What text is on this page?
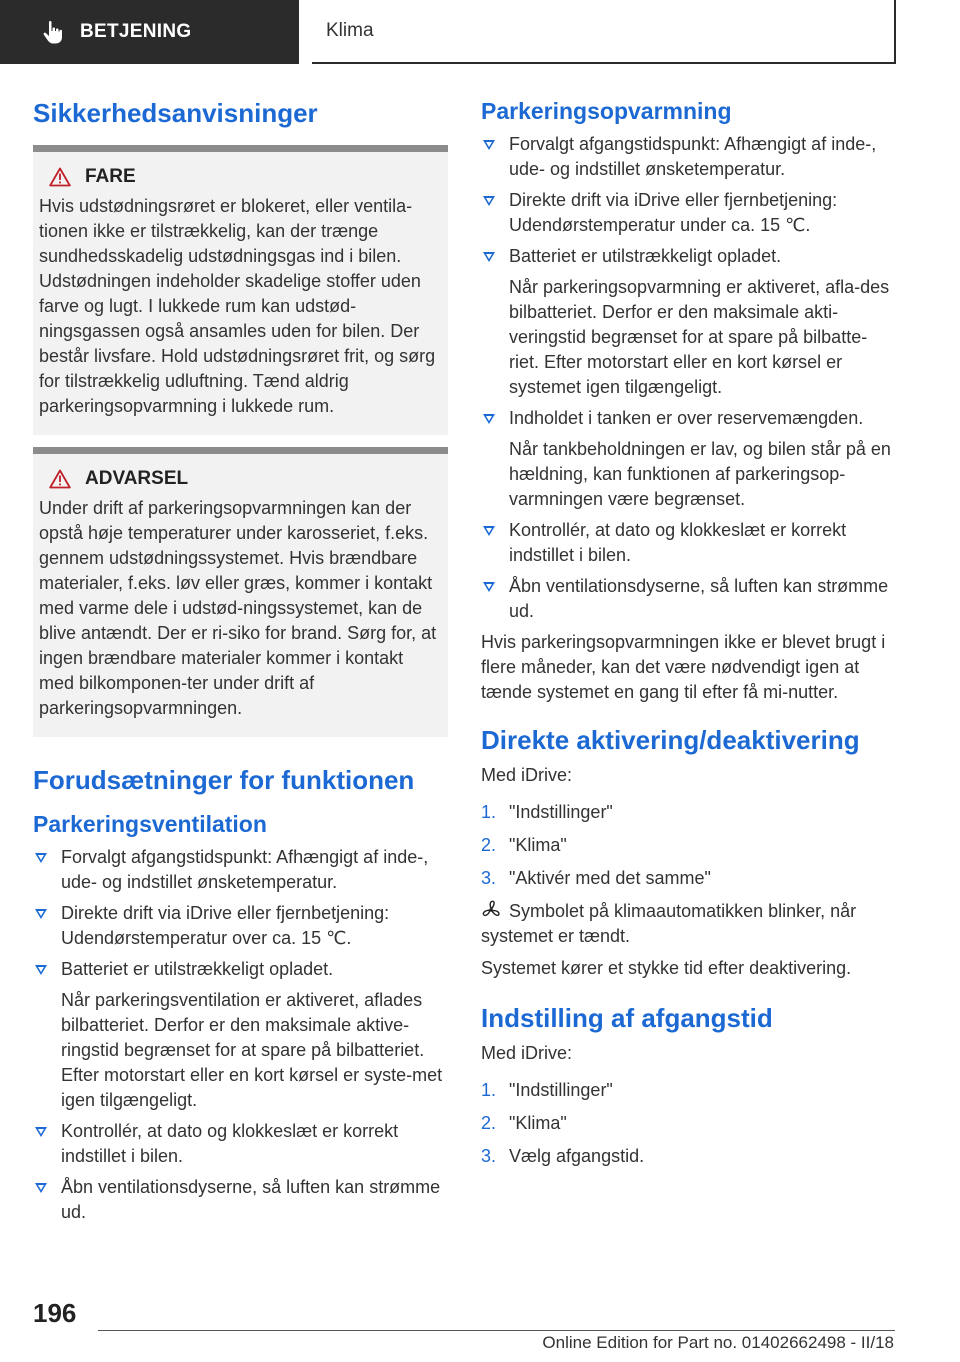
BETJENING	Klima
Sikkerhedsanvisninger
FARE

Hvis udstødningsrøret er blokeret, eller ventila-tionen ikke er tilstrækkelig, kan der trænge sundhedsskadelig udstødningsgas ind i bilen. Udstødningen indeholder skadelige stoffer uden farve og lugt. I lukkede rum kan udstød-ningsgassen også ansamles uden for bilen. Der består livsfare. Hold udstødningsrøret frit, og sørg for tilstrækkelig udluftning. Tænd aldrig parkeringsopvarmning i lukkede rum.

ADVARSEL

Under drift af parkeringsopvarmningen kan der opstå høje temperaturer under karosseriet, f.eks. gennem udstødningssystemet. Hvis brændbare materialer, f.eks. løv eller græs, kommer i kontakt med varme dele i udstød-ningssystemet, kan de blive antændt. Der er ri-siko for brand. Sørg for, at ingen brændbare materialer kommer i kontakt med bilkomponen-ter under drift af parkeringsopvarmningen.

Forudsætninger for funktionen
Parkeringsventilation
Forvalgt afgangstidspunkt: Afhængigt af inde-, ude- og indstillet ønsketemperatur.
Direkte drift via iDrive eller fjernbetjening: Udendørstemperatur over ca. 15 ℃.
Batteriet er utilstrækkeligt opladet.

Når parkeringsventilation er aktiveret, aflades bilbatteriet. Derfor er den maksimale aktive-ringstid begrænset for at spare på bilbatteriet. Efter motorstart eller en kort kørsel er syste-met igen tilgængeligt.

Kontrollér, at dato og klokkeslæt er korrekt indstillet i bilen.
Åbn ventilationsdyserne, så luften kan strømme ud.
Parkeringsopvarmning
Forvalgt afgangstidspunkt: Afhængigt af inde-, ude- og indstillet ønsketemperatur.
Direkte drift via iDrive eller fjernbetjening: Udendørstemperatur under ca. 15 ℃.
Batteriet er utilstrækkeligt opladet.

Når parkeringsopvarmning er aktiveret, afla-des bilbatteriet. Derfor er den maksimale akti-veringstid begrænset for at spare på bilbatte-riet. Efter motorstart eller en kort kørsel er systemet igen tilgængeligt.

Indholdet i tanken er over reservemængden.

Når tankbeholdningen er lav, og bilen står på en hældning, kan funktionen af parkeringsop-varmningen være begrænset.

Kontrollér, at dato og klokkeslæt er korrekt indstillet i bilen.
Åbn ventilationsdyserne, så luften kan strømme ud.

Hvis parkeringsopvarmningen ikke er blevet brugt i flere måneder, kan det være nødvendigt igen at tænde systemet en gang til efter få mi-nutter.

Direkte aktivering/deaktivering

Med iDrive:

1. "Indstillinger"
2. "Klima"
3. "Aktivér med det samme"

Symbolet på klimaautomatikken blinker, når systemet er tændt.

Systemet kører et stykke tid efter deaktivering.

Indstilling af afgangstid

Med iDrive:

1. "Indstillinger"
2. "Klima"
3. Vælg afgangstid.
196
Online Edition for Part no. 01402662498 - II/18
